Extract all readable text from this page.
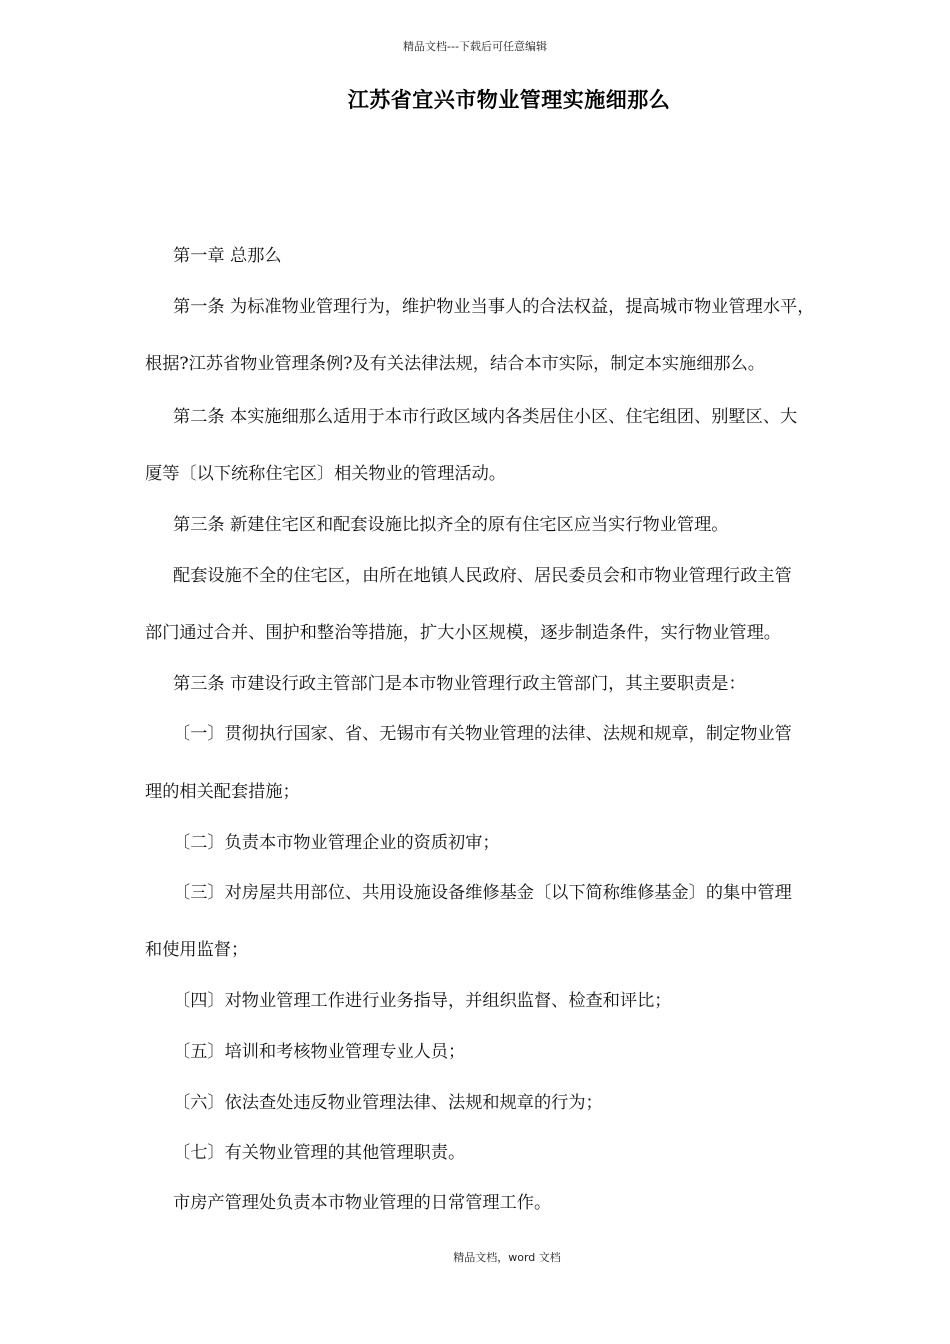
精品文档---下载后可任意编辑
江苏省宜兴市物业管理实施细那么
第一章 总那么
第一条 为标准物业管理行为，维护物业当事人的合法权益，提高城市物业管理水平，
根据?江苏省物业管理条例?及有关法律法规，结合本市实际，制定本实施细那么。
第二条 本实施细那么适用于本市行政区域内各类居住小区、住宅组团、别墅区、大
厦等〔以下统称住宅区〕相关物业的管理活动。
第三条 新建住宅区和配套设施比拟齐全的原有住宅区应当实行物业管理。
配套设施不全的住宅区，由所在地镇人民政府、居民委员会和市物业管理行政主管
部门通过合并、围护和整治等措施，扩大小区规模，逐步制造条件，实行物业管理。
第三条 市建设行政主管部门是本市物业管理行政主管部门，其主要职责是：
〔一〕贯彻执行国家、省、无锡市有关物业管理的法律、法规和规章，制定物业管
理的相关配套措施；
〔二〕负责本市物业管理企业的资质初审；
〔三〕对房屋共用部位、共用设施设备维修基金〔以下简称维修基金〕的集中管理
和使用监督；
〔四〕对物业管理工作进行业务指导，并组织监督、检查和评比；
〔五〕培训和考核物业管理专业人员；
〔六〕依法查处违反物业管理法律、法规和规章的行为；
〔七〕有关物业管理的其他管理职责。
市房产管理处负责本市物业管理的日常管理工作。
精品文档，word 文档
